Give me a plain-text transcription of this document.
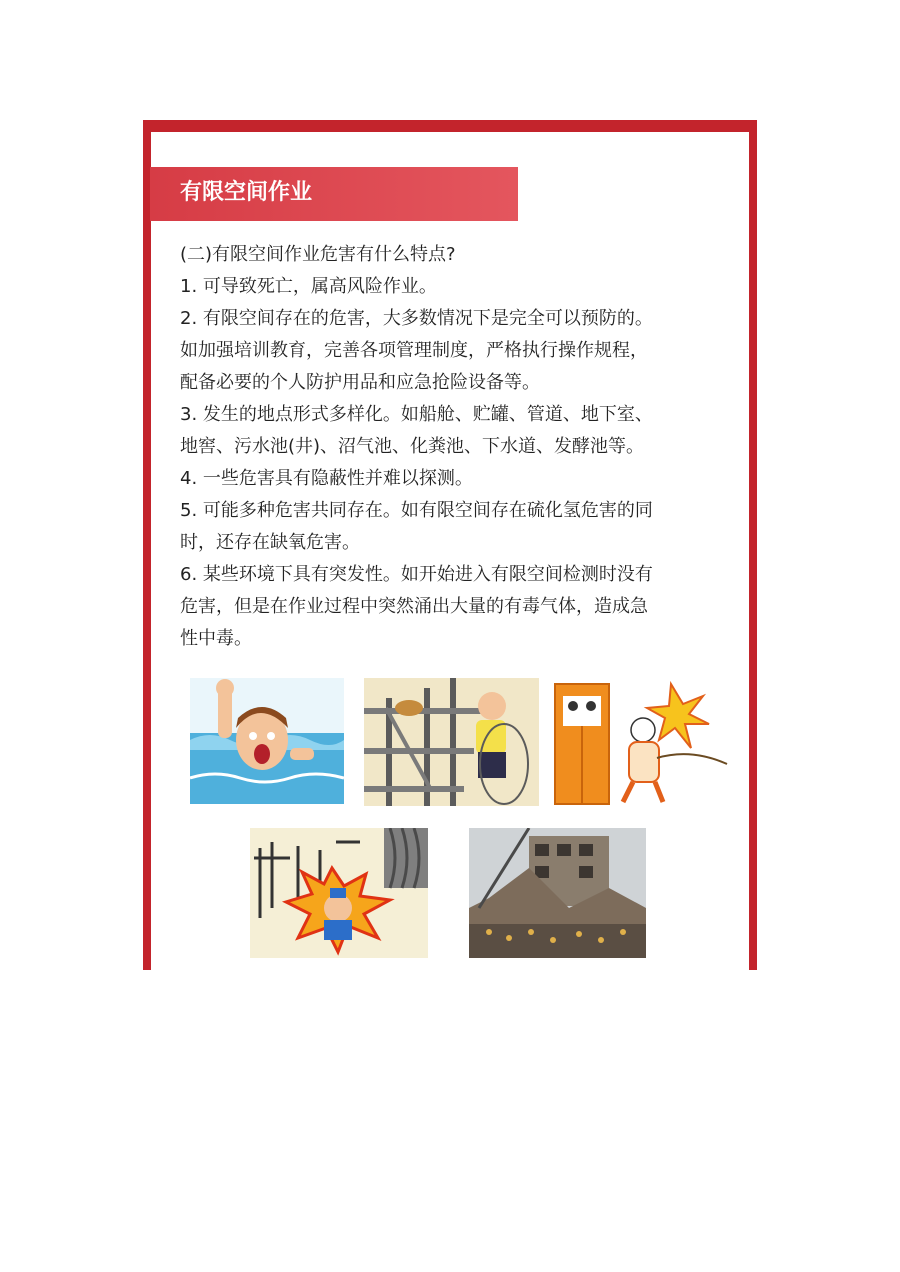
有限空间作业

(二)有限空间作业危害有什么特点?

1. 可导致死亡，属高风险作业。

2. 有限空间存在的危害，大多数情况下是完全可以预防的。

如加强培训教育，完善各项管理制度，严格执行操作规程，

配备必要的个人防护用品和应急抢险设备等。

3. 发生的地点形式多样化。如船舱、贮罐、管道、地下室、

地窖、污水池(井)、沼气池、化粪池、下水道、发酵池等。

4. 一些危害具有隐蔽性并难以探测。

5. 可能多种危害共同存在。如有限空间存在硫化氢危害的同

时，还存在缺氧危害。

6. 某些环境下具有突发性。如开始进入有限空间检测时没有

危害，但是在作业过程中突然涌出大量的有毒气体，造成急

性中毒。
